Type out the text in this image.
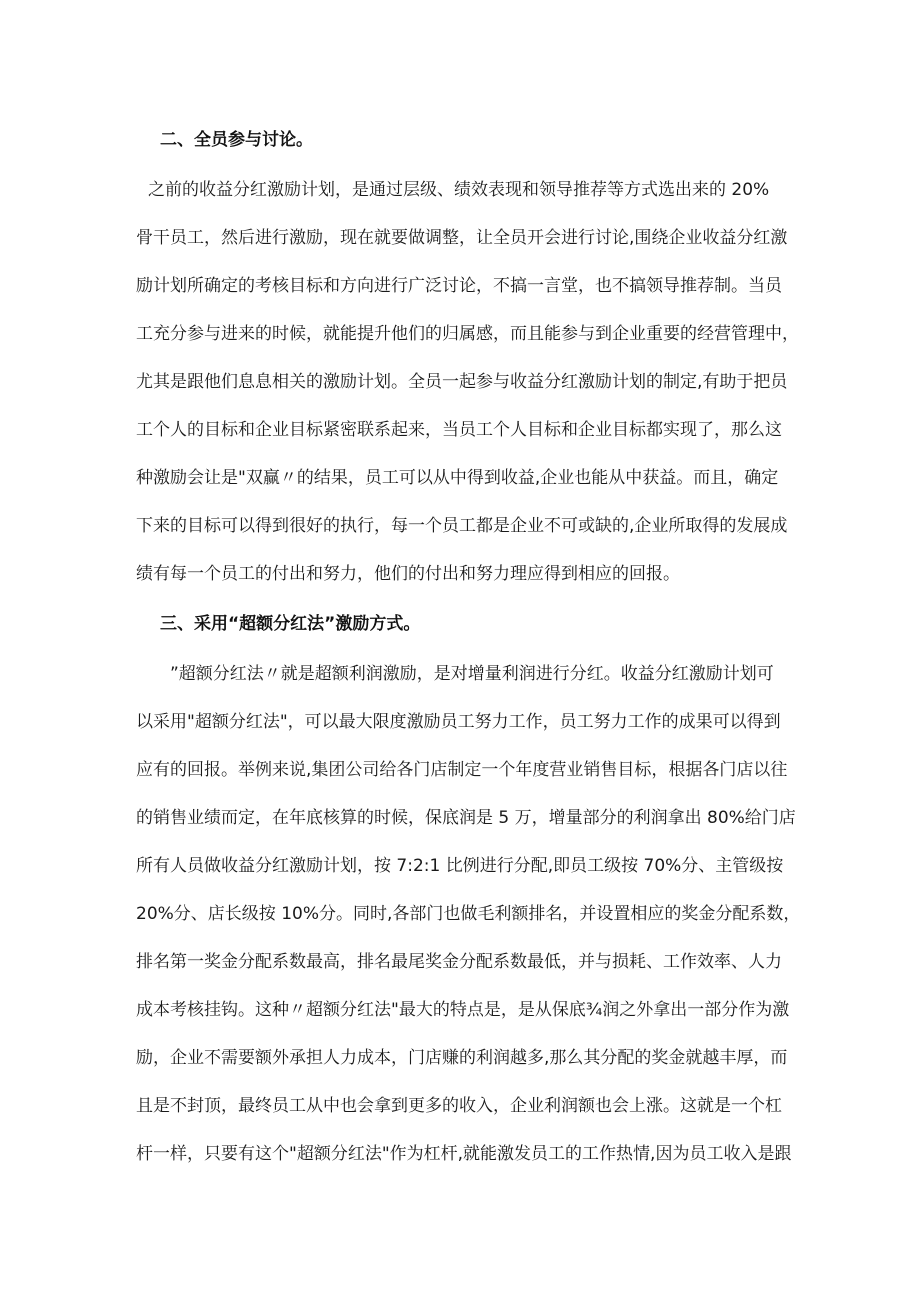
二、全员参与讨论。
之前的收益分红激励计划，是通过层级、绩效表现和领导推荐等方式选出来的 20%
骨干员工，然后进行激励，现在就要做调整，让全员开会进行讨论,围绕企业收益分红激
励计划所确定的考核目标和方向进行广泛讨论，不搞一言堂，也不搞领导推荐制。当员
工充分参与进来的时候，就能提升他们的归属感，而且能参与到企业重要的经营管理中，
尤其是跟他们息息相关的激励计划。全员一起参与收益分红激励计划的制定,有助于把员
工个人的目标和企业目标紧密联系起来，当员工个人目标和企业目标都实现了，那么这
种激励会让是"双赢〃的结果，员工可以从中得到收益,企业也能从中获益。而且，确定
下来的目标可以得到很好的执行，每一个员工都是企业不可或缺的,企业所取得的发展成
绩有每一个员工的付出和努力，他们的付出和努力理应得到相应的回报。
三、采用“超额分红法”激励方式。
”超额分红法〃就是超额利润激励，是对增量利润进行分红。收益分红激励计划可
以采用"超额分红法"，可以最大限度激励员工努力工作，员工努力工作的成果可以得到
应有的回报。举例来说,集团公司给各门店制定一个年度营业销售目标，根据各门店以往
的销售业绩而定，在年底核算的时候，保底润是 5 万，增量部分的利润拿出 80%给门店
所有人员做收益分红激励计划，按 7:2:1 比例进行分配,即员工级按 70%分、主管级按
20%分、店长级按 10%分。同时,各部门也做毛利额排名，并设置相应的奖金分配系数，
排名第一奖金分配系数最高，排名最尾奖金分配系数最低，并与损耗、工作效率、人力
成本考核挂钩。这种〃超额分红法"最大的特点是，是从保底¾润之外拿出一部分作为激
励，企业不需要额外承担人力成本，门店赚的利润越多,那么其分配的奖金就越丰厚，而
且是不封顶，最终员工从中也会拿到更多的收入，企业利润额也会上涨。这就是一个杠
杆一样，只要有这个"超额分红法"作为杠杆,就能激发员工的工作热情,因为员工收入是跟
